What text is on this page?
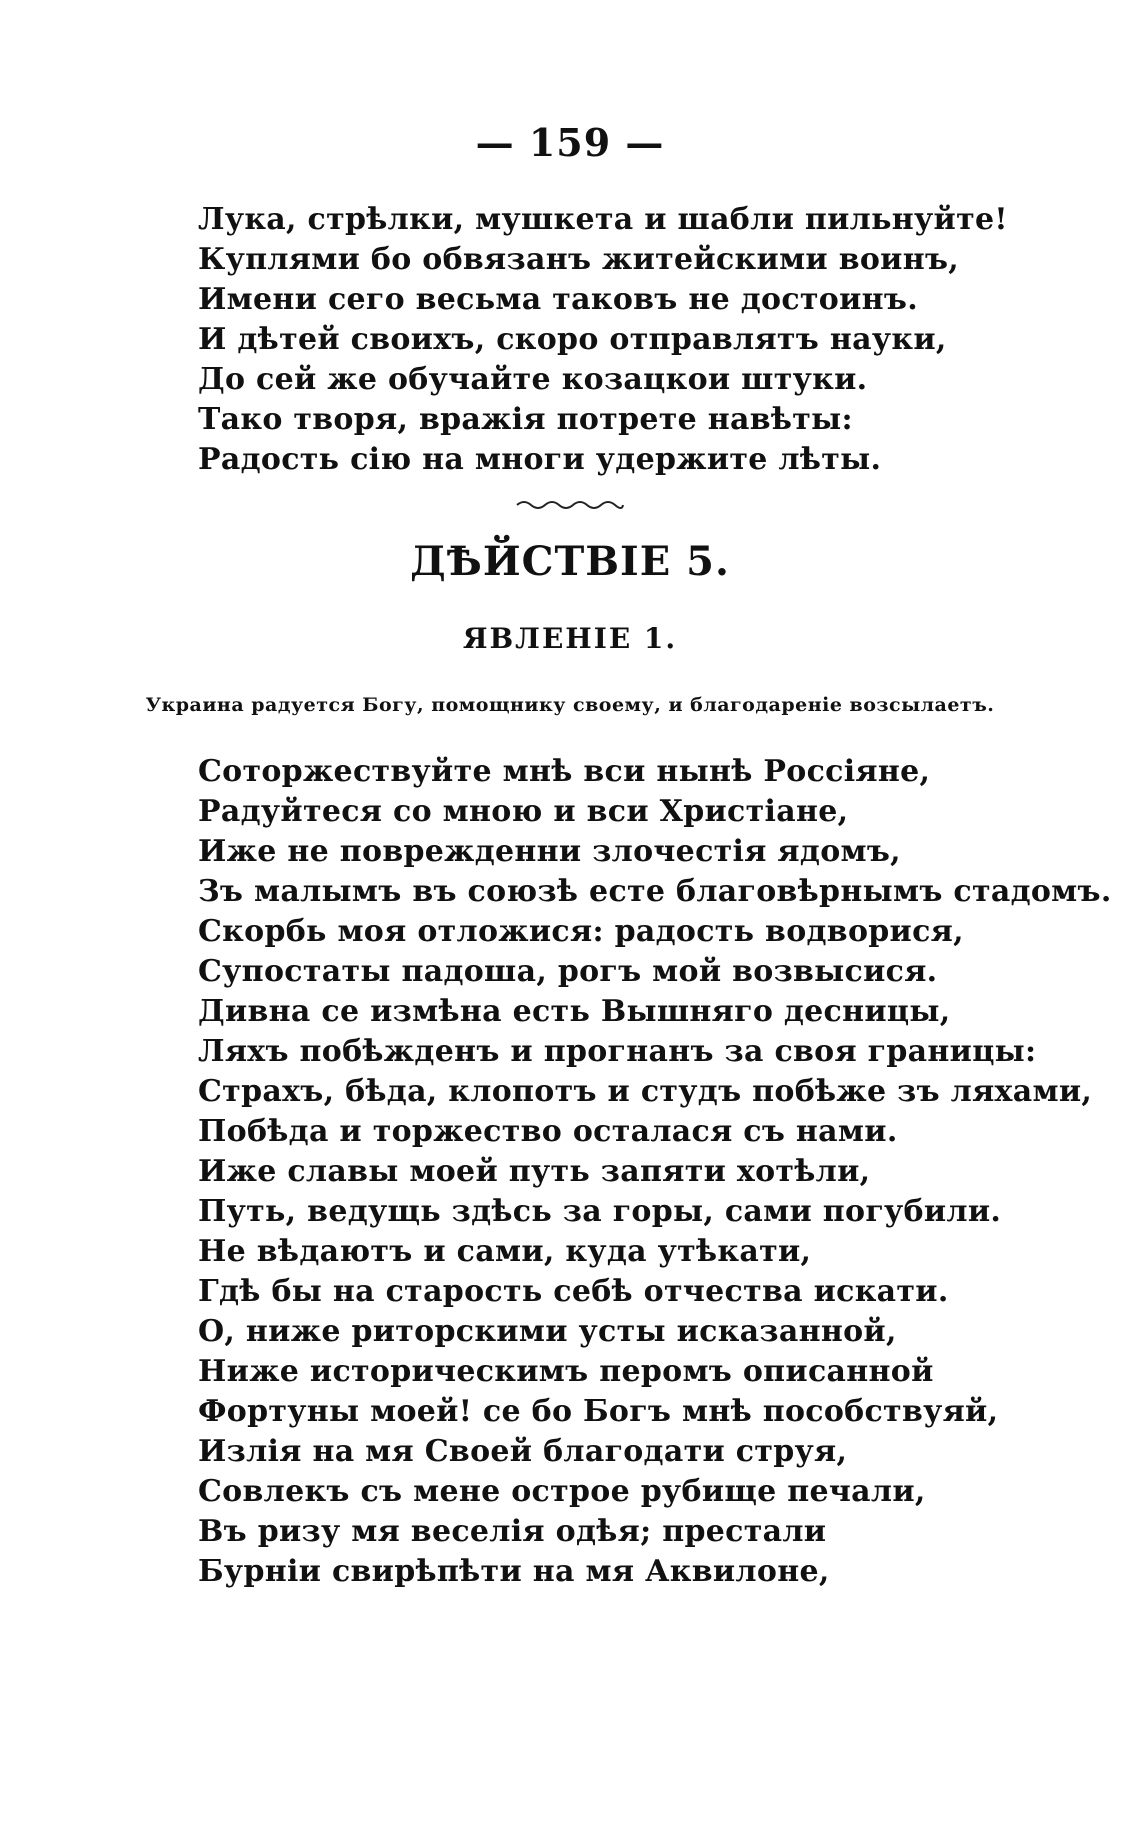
— 159 —
Лука, стрѣлки, мушкета и шабли пильнуйте!
Куплями бо обвязанъ житейскими воинъ,
Имени сего весьма таковъ не достоинъ.
И дѣтей своихъ, скоро отправлятъ науки,
До сей же обучайте козацкои штуки.
Тако творя, вражія потрете навѣты:
Радость сію на многи удержите лѣты.
ДѢЙСТВІЕ 5.
ЯВЛЕНІЕ 1.
Украина радуется Богу, помощнику своему, и благодареніе возсылаетъ.
Соторжествуйте мнѣ вси нынѣ Россіяне,
Радуйтеся со мною и вси Христіане,
Иже не поврежденни злочестія ядомъ,
Зъ малымъ въ союзѣ есте благовѣрнымъ стадомъ.
Скорбь моя отложися: радость водворися,
Супостаты падоша, рогъ мой возвысися.
Дивна се измѣна есть Вышняго десницы,
Ляхъ побѣжденъ и прогнанъ за своя границы:
Страхъ, бѣда, клопотъ и студъ побѣже зъ ляхами,
Побѣда и торжество осталася съ нами.
Иже славы моей путь запяти хотѣли,
Путь, ведущь здѣсь за горы, сами погубили.
Не вѣдаютъ и сами, куда утѣкати,
Гдѣ бы на старость себѣ отчества искати.
О, ниже риторскими усты исказанной,
Ниже историческимъ перомъ описанной
Фортуны моей! се бо Богъ мнѣ пособствуяй,
Излія на мя Своей благодати струя,
Совлекъ съ мене острое рубище печали,
Въ ризу мя веселія одѣя; престали
Бурніи свирѣпѣти на мя Аквилоне,
